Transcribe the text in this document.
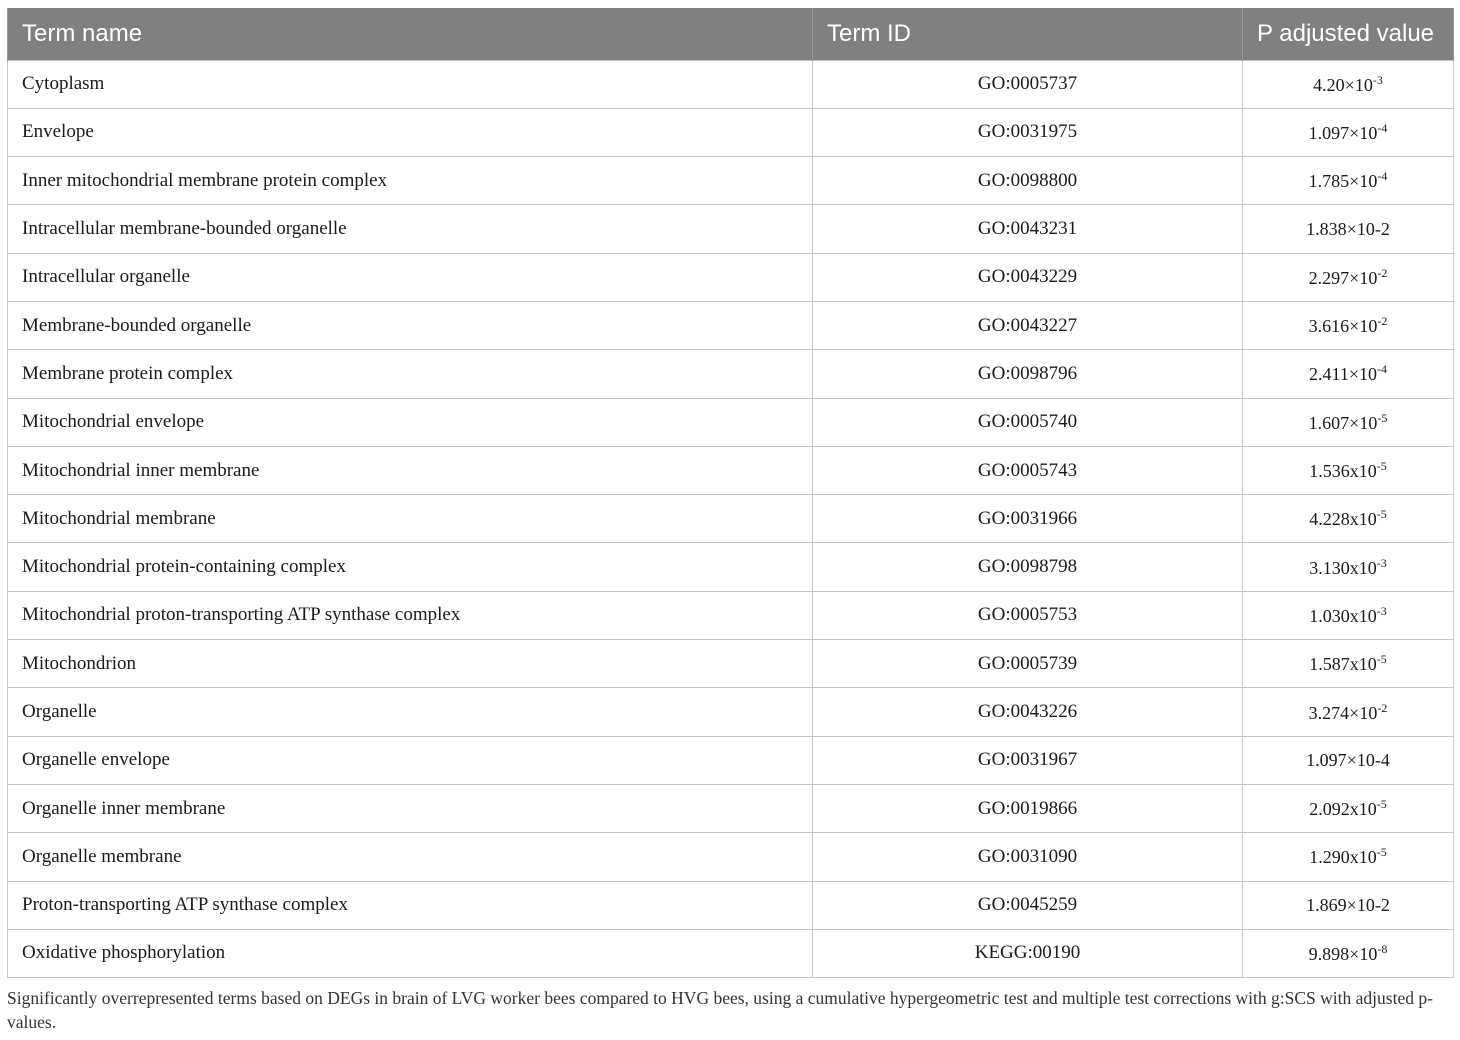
Term name	Term ID	P adjusted value
Cytoplasm	GO:0005737	$4.20\times 10^{-3}$
Envelope	GO:0031975	$1.097\times 10^{-4}$
Inner mitochondrial membrane protein complex	GO:0098800	$1.785\times 10^{-4}$
Intracellular membrane-bounded organelle	GO:0043231	1.838×10-2
Intracellular organelle	GO:0043229	$2.297\times 10^{-2}$
Membrane-bounded organelle	GO:0043227	$3.616\times 10^{-2}$
Membrane protein complex	GO:0098796	$2.411\times 10^{-4}$
Mitochondrial envelope	GO:0005740	$1.607\times 10^{-5}$
Mitochondrial inner membrane	GO:0005743	$1.536x10^{-5}$
Mitochondrial membrane	GO:0031966	$4.228x10^{-5}$
Mitochondrial protein-containing complex	GO:0098798	$3.130x10^{-3}$
Mitochondrial proton-transporting ATP synthase complex	GO:0005753	$1.030x10^{-3}$
Mitochondrion	GO:0005739	$1.587x10^{-5}$
Organelle	GO:0043226	$3.274\times 10^{-2}$
Organelle envelope	GO:0031967	1.097×10-4
Organelle inner membrane	GO:0019866	$2.092x10^{-5}$
Organelle membrane	GO:0031090	$1.290x10^{-5}$
Proton-transporting ATP synthase complex	GO:0045259	1.869×10-2
Oxidative phosphorylation	KEGG:00190	$9.898\times 10^{-8}$
Significantly overrepresented terms based on DEGs in brain of LVG worker bees compared to HVG bees, using a cumulative hypergeometric test and multiple test corrections with g:SCS with adjusted p-values.
